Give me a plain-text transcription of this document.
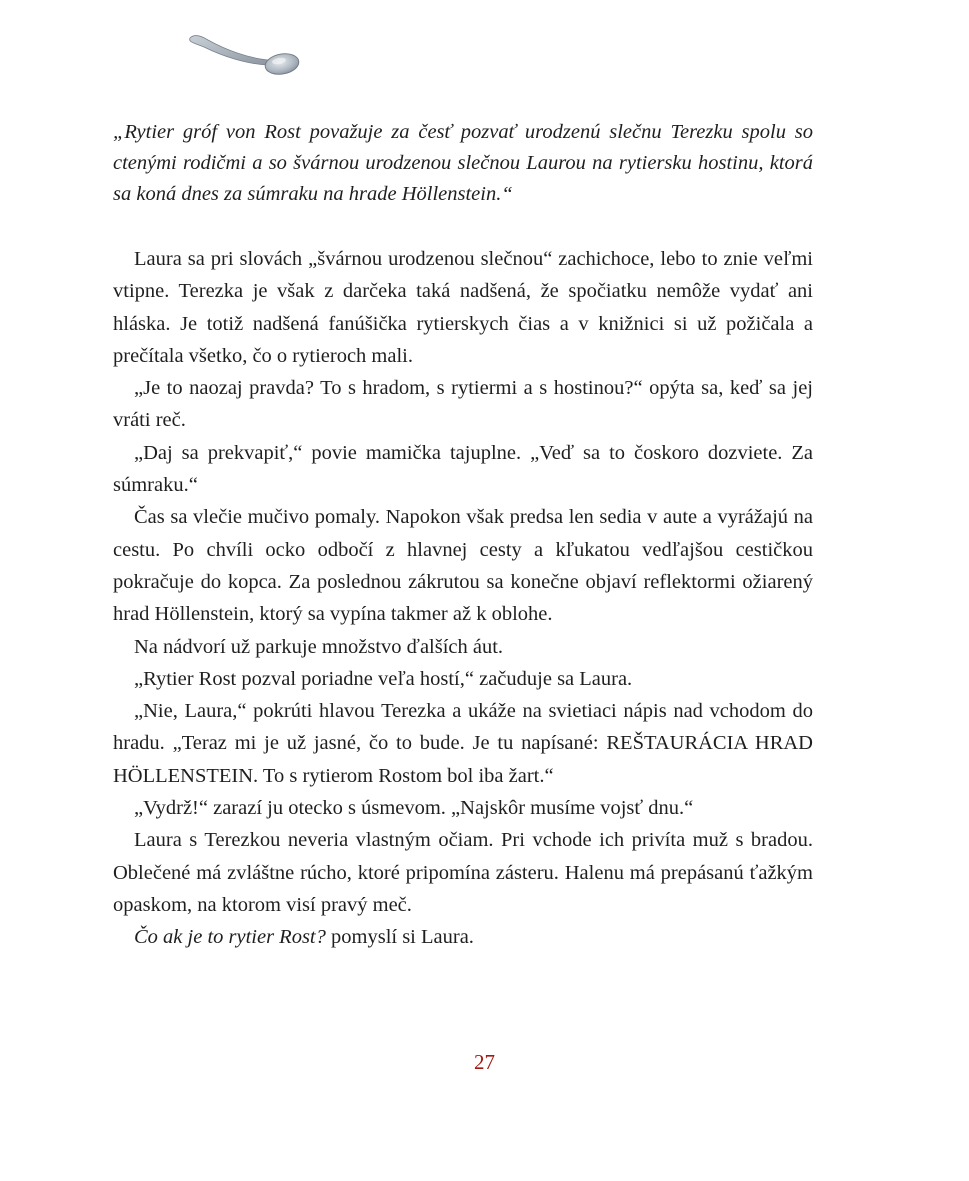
„Rytier gróf von Rost považuje za česť pozvať urodzenú slečnu Terezku spolu so ctenými rodičmi a so švárnou urodzenou slečnou Laurou na rytiersku hostinu, ktorá sa koná dnes za súmraku na hrade Höllenstein.“

Laura sa pri slovách „švárnou urodzenou slečnou“ zachichoce, lebo to znie veľmi vtipne. Terezka je však z darčeka taká nadšená, že spočiatku nemôže vydať ani hláska. Je totiž nadšená fanúšička rytierskych čias a v knižnici si už požičala a prečítala všetko, čo o rytieroch mali.

„Je to naozaj pravda? To s hradom, s rytiermi a s hostinou?“ opýta sa, keď sa jej vráti reč.

„Daj sa prekvapiť,“ povie mamička tajuplne. „Veď sa to čoskoro dozviete. Za súmraku.“

Čas sa vlečie mučivo pomaly. Napokon však predsa len sedia v aute a vyrážajú na cestu. Po chvíli ocko odbočí z hlavnej cesty a kľukatou vedľajšou cestičkou pokračuje do kopca. Za poslednou zákrutou sa konečne objaví reflektormi ožiarený hrad Höllenstein, ktorý sa vypína takmer až k oblohe.

Na nádvorí už parkuje množstvo ďalších áut.

„Rytier Rost pozval poriadne veľa hostí,“ začuduje sa Laura.

„Nie, Laura,“ pokrúti hlavou Terezka a ukáže na svietiaci nápis nad vchodom do hradu. „Teraz mi je už jasné, čo to bude. Je tu napísané: REŠTAURÁCIA HRAD HÖLLENSTEIN. To s rytierom Rostom bol iba žart.“

„Vydrž!“ zarazí ju otecko s úsmevom. „Najskôr musíme vojsť dnu.“

Laura s Terezkou neveria vlastným očiam. Pri vchode ich privíta muž s bradou. Oblečené má zvláštne rúcho, ktoré pripomína zásteru. Halenu má prepásanú ťažkým opaskom, na ktorom visí pravý meč.

Čo ak je to rytier Rost? pomyslí si Laura.

27
